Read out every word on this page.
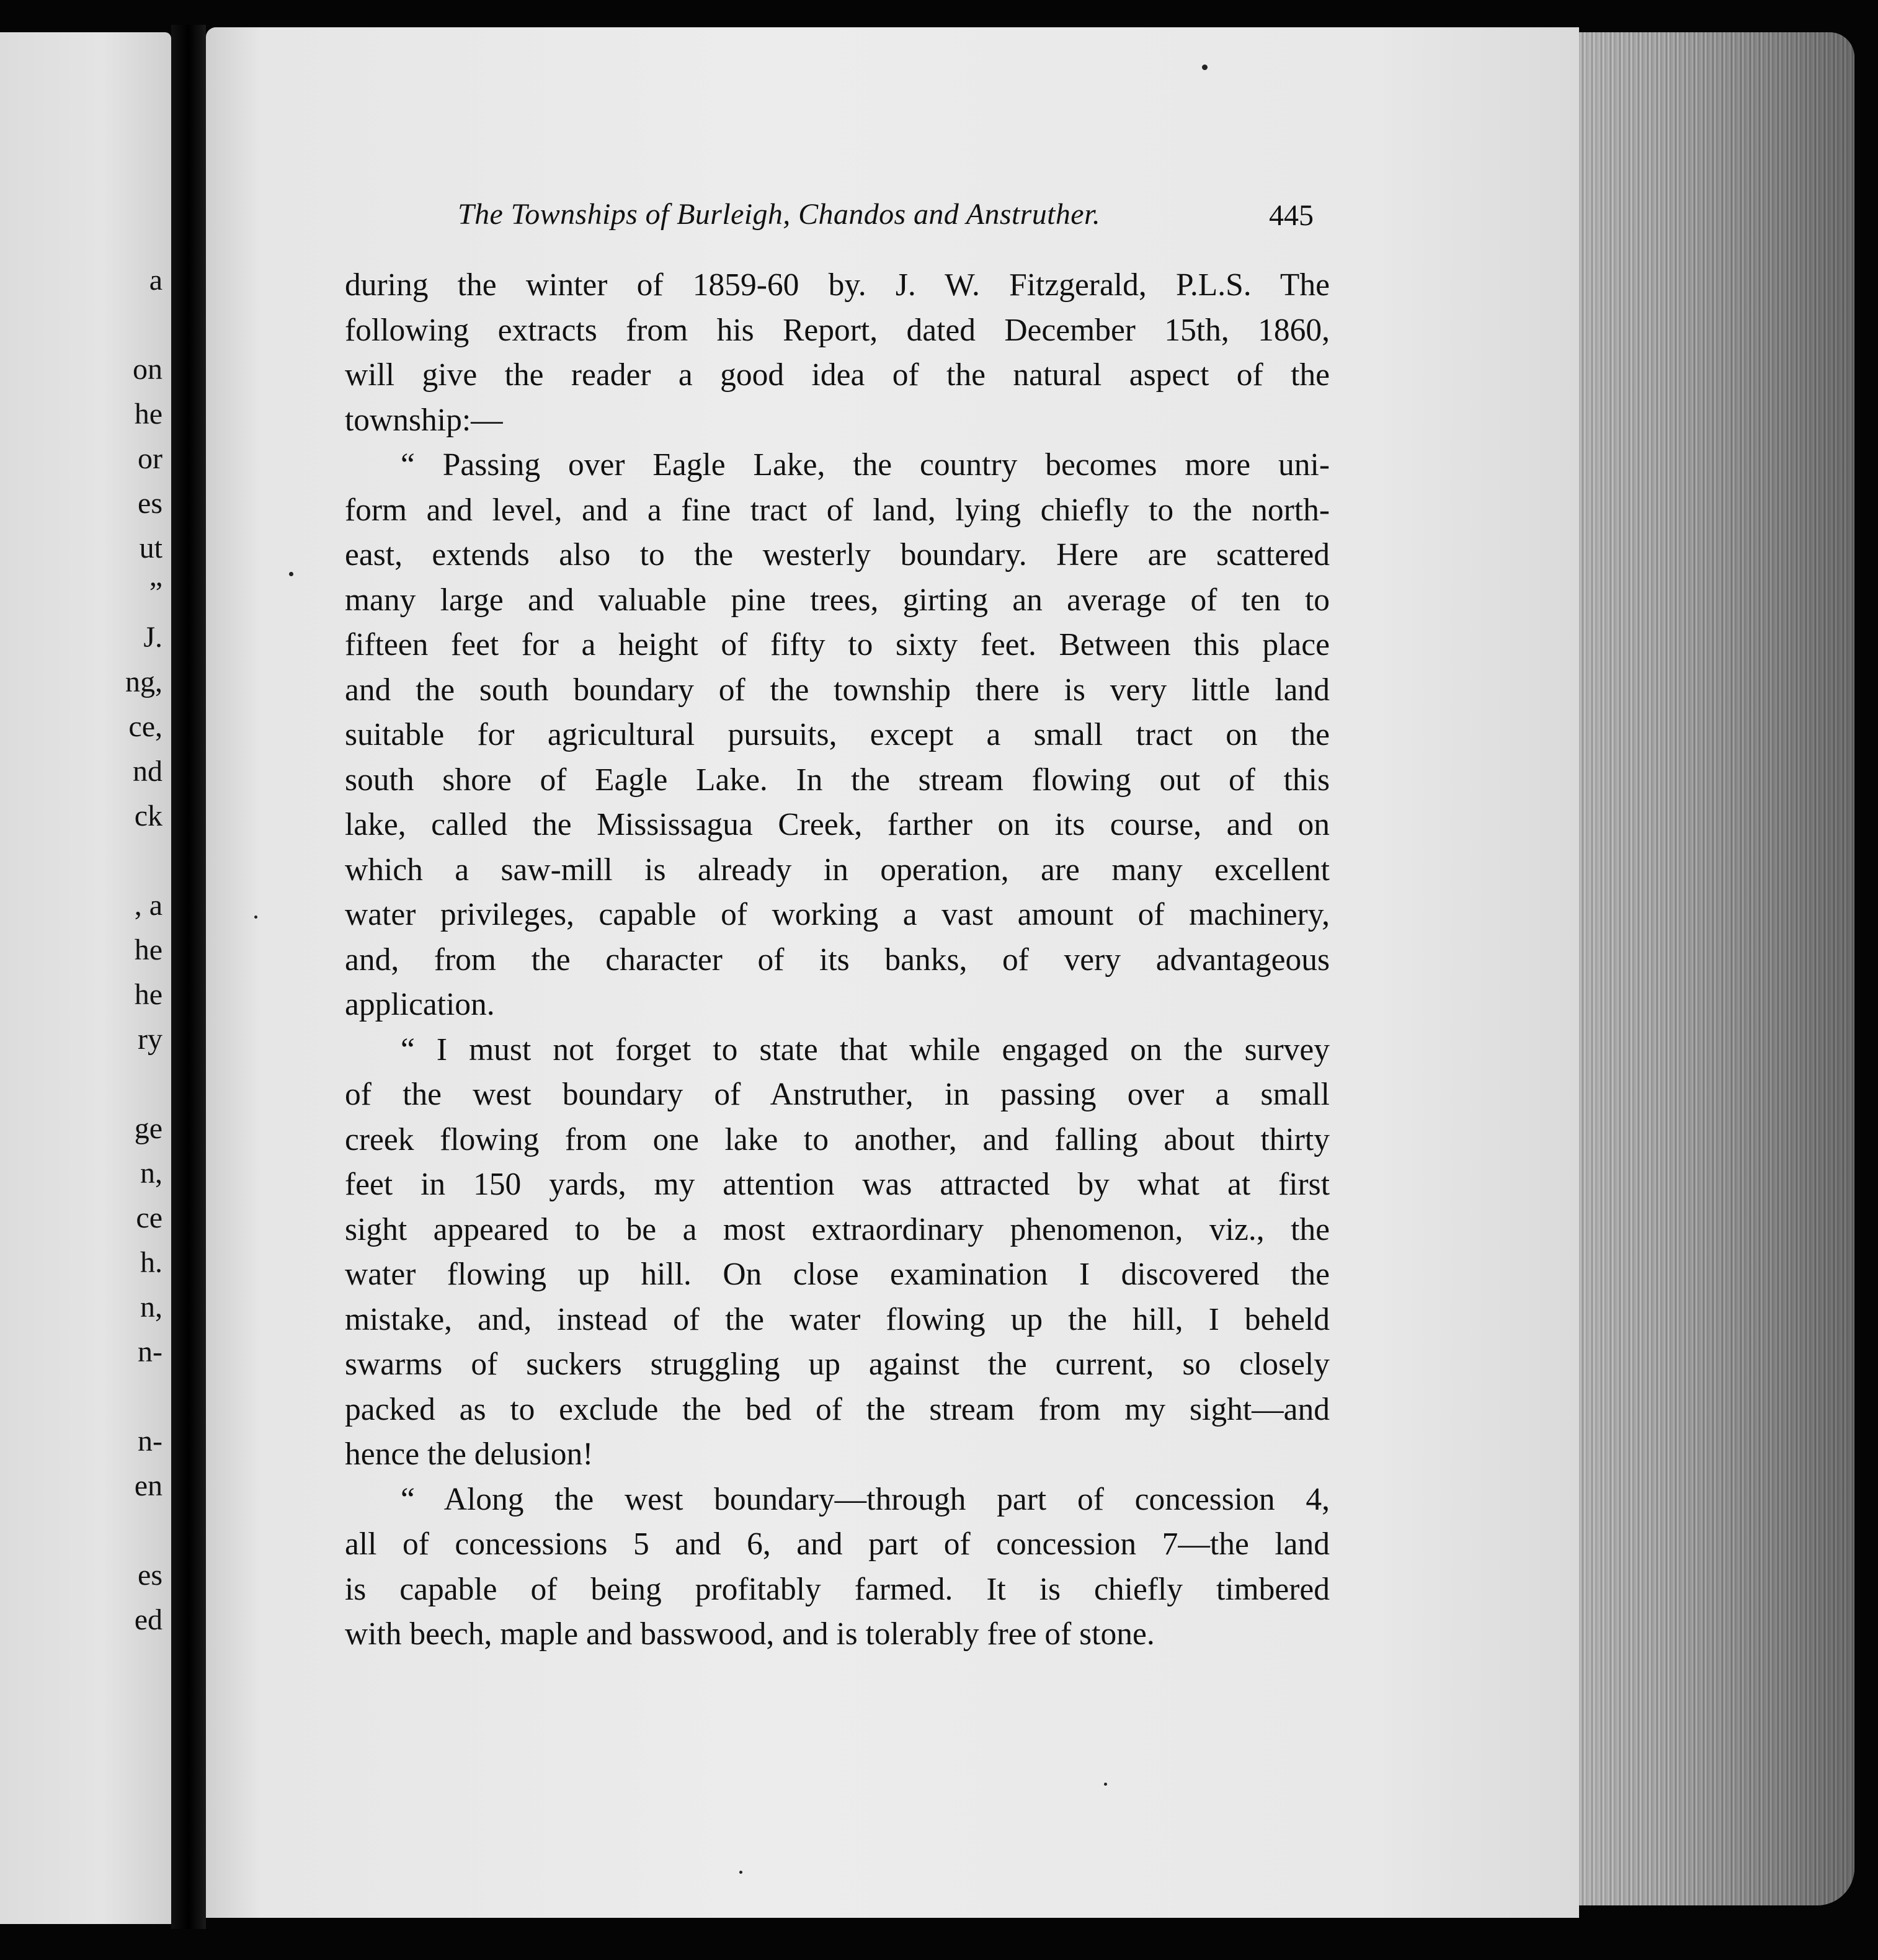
a
on
he
or
es
ut
”
J.
ng,
ce,
nd
ck
, a
he
he
ry
ge
n,
ce
h.
n,
n-
n-
en
es
ed
The Townships of Burleigh, Chandos and Anstruther.	445
during the winter of 1859-60 by. J. W. Fitzgerald, P.L.S. The
following extracts from his Report, dated December 15th, 1860,
will give the reader a good idea of the natural aspect of the
township:—
“ Passing over Eagle Lake, the country becomes more uni-
form and level, and a fine tract of land, lying chiefly to the north-
east, extends also to the westerly boundary. Here are scattered
many large and valuable pine trees, girting an average of ten to
fifteen feet for a height of fifty to sixty feet. Between this place
and the south boundary of the township there is very little land
suitable for agricultural pursuits, except a small tract on the
south shore of Eagle Lake. In the stream flowing out of this
lake, called the Mississagua Creek, farther on its course, and on
which a saw-mill is already in operation, are many excellent
water privileges, capable of working a vast amount of machinery,
and, from the character of its banks, of very advantageous
application.
“ I must not forget to state that while engaged on the survey
of the west boundary of Anstruther, in passing over a small
creek flowing from one lake to another, and falling about thirty
feet in 150 yards, my attention was attracted by what at first
sight appeared to be a most extraordinary phenomenon, viz., the
water flowing up hill. On close examination I discovered the
mistake, and, instead of the water flowing up the hill, I beheld
swarms of suckers struggling up against the current, so closely
packed as to exclude the bed of the stream from my sight—and
hence the delusion!
“ Along the west boundary—through part of concession 4,
all of concessions 5 and 6, and part of concession 7—the land
is capable of being profitably farmed. It is chiefly timbered
with beech, maple and basswood, and is tolerably free of stone.
